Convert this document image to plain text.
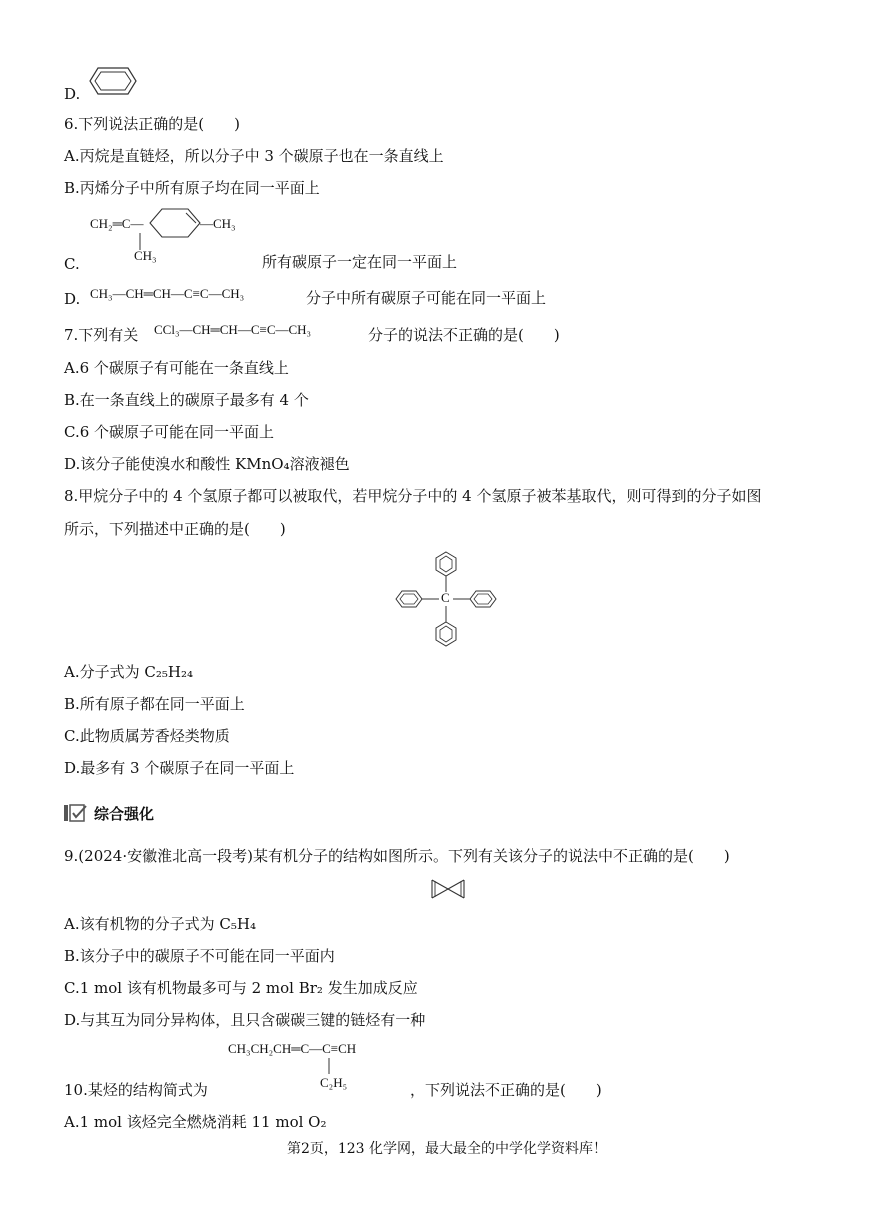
D.
6.下列说法正确的是(　　)
A.丙烷是直链烃，所以分子中 3 个碳原子也在一条直线上
B.丙烯分子中所有原子均在同一平面上
CH₂═C—	—CH₃
CH₃
C.	所有碳原子一定在同一平面上
D. CH₃—CH═CH—C≡C—CH₃	分子中所有碳原子可能在同一平面上
7.下列有关 CCl₃—CH═CH—C≡C—CH₃	分子的说法不正确的是(　　)
A.6 个碳原子有可能在一条直线上
B.在一条直线上的碳原子最多有 4 个
C.6 个碳原子可能在同一平面上
D.该分子能使溴水和酸性 KMnO₄溶液褪色
8.甲烷分子中的 4 个氢原子都可以被取代，若甲烷分子中的 4 个氢原子被苯基取代，则可得到的分子如图
所示，下列描述中正确的是(　　)
C
A.分子式为 C₂₅H₂₄
B.所有原子都在同一平面上
C.此物质属芳香烃类物质
D.最多有 3 个碳原子在同一平面上
综合强化
9.(2024·安徽淮北高一段考)某有机分子的结构如图所示。下列有关该分子的说法中不正确的是(　　)
A.该有机物的分子式为 C₅H₄
B.该分子中的碳原子不可能在同一平面内
C.1 mol 该有机物最多可与 2 mol Br₂ 发生加成反应
D.与其互为同分异构体，且只含碳碳三键的链烃有一种
CH₃CH₂CH═C—C≡CH
C₂H₅
10.某烃的结构简式为	，下列说法不正确的是(　　)
A.1 mol 该烃完全燃烧消耗 11 mol O₂
第2页，123 化学网，最大最全的中学化学资料库！
